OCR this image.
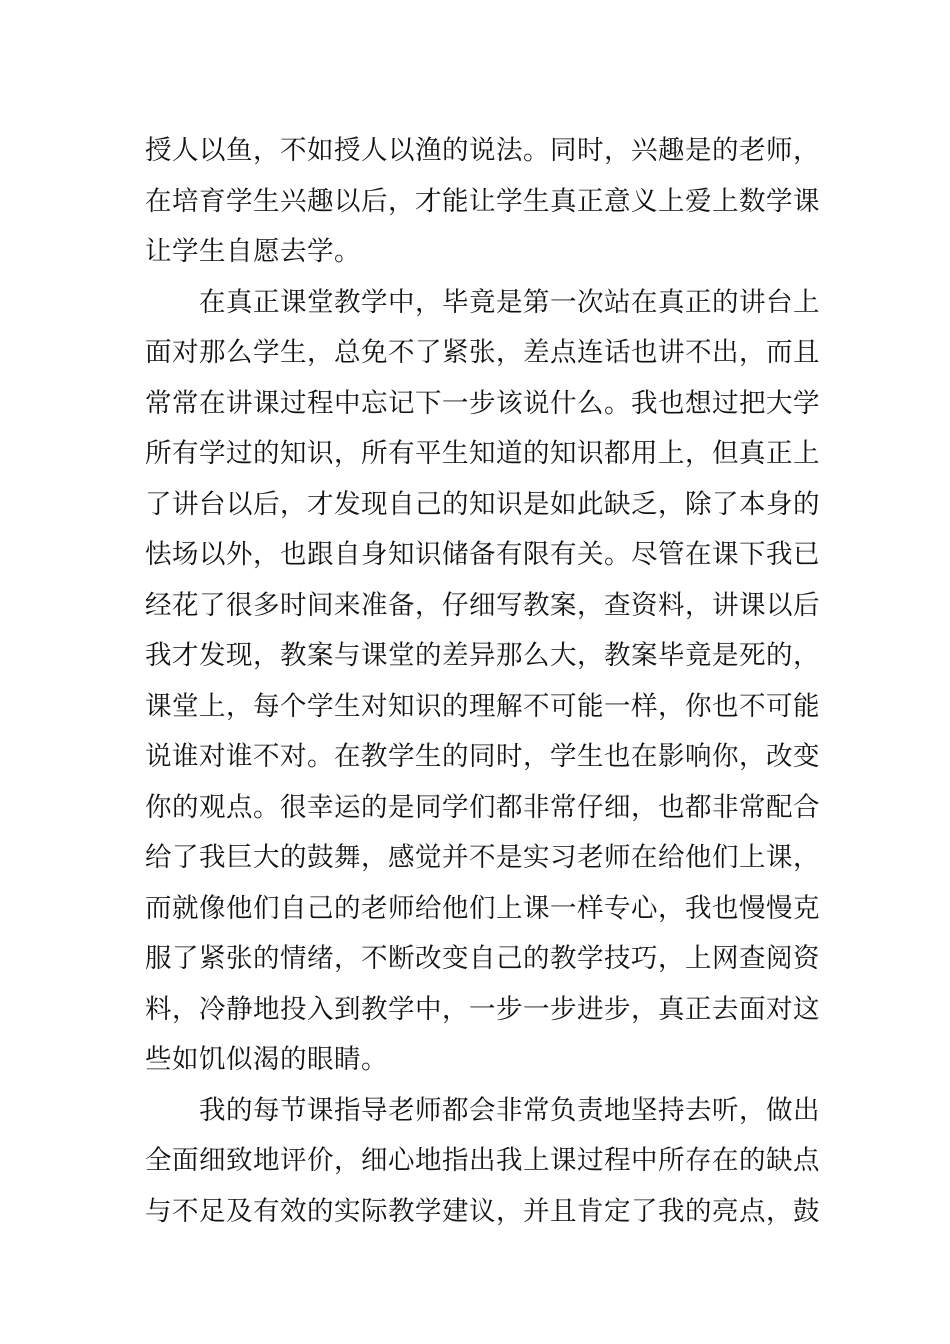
授人以鱼，不如授人以渔的说法。同时，兴趣是的老师，
在培育学生兴趣以后，才能让学生真正意义上爱上数学课
让学生自愿去学。
在真正课堂教学中，毕竟是第一次站在真正的讲台上
面对那么学生，总免不了紧张，差点连话也讲不出，而且
常常在讲课过程中忘记下一步该说什么。我也想过把大学
所有学过的知识，所有平生知道的知识都用上，但真正上
了讲台以后，才发现自己的知识是如此缺乏，除了本身的
怯场以外，也跟自身知识储备有限有关。尽管在课下我已
经花了很多时间来准备，仔细写教案，查资料，讲课以后
我才发现，教案与课堂的差异那么大，教案毕竟是死的，
课堂上，每个学生对知识的理解不可能一样，你也不可能
说谁对谁不对。在教学生的同时，学生也在影响你，改变
你的观点。很幸运的是同学们都非常仔细，也都非常配合
给了我巨大的鼓舞，感觉并不是实习老师在给他们上课，
而就像他们自己的老师给他们上课一样专心，我也慢慢克
服了紧张的情绪，不断改变自己的教学技巧，上网查阅资
料，冷静地投入到教学中，一步一步进步，真正去面对这
些如饥似渴的眼睛。
我的每节课指导老师都会非常负责地坚持去听，做出
全面细致地评价，细心地指出我上课过程中所存在的缺点
与不足及有效的实际教学建议，并且肯定了我的亮点，鼓
